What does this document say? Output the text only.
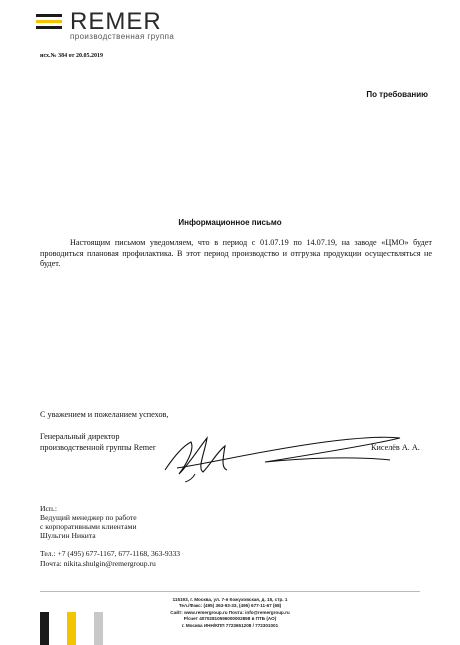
REMER
производственная группа
исх.№ 384 от 20.05.2019
По требованию
Информационное письмо
Настоящим письмом уведомляем, что в период с 01.07.19 по 14.07.19, на заводе «ЦМО» будет проводиться плановая профилактика. В этот период производство и отгрузка продукции осуществляться не будет.
С уважением и пожеланием успехов,
Генеральный директор
производственной группы Remer	Киселёв А. А.
Исп.:
Ведущий менеджер по работе
с корпоративными клиентами
Шульгин Никита
Тел.: +7 (495) 677-1167, 677-1168, 363-9333
Почта: nikita.shulgin@remergroup.ru
115193, г. Москва, ул. 7-я Кожуховская, д. 15, стр. 1
Тел./Факс: (495) 363-93-33, (495) 677-11-67 (68)
Сайт: www.remergroup.ru Почта: info@remergroup.ru
Р/счет 40702810596000002898 в ПТБ (АО)
г. Москва ИНН/КПП 7723651208 / 772301001
